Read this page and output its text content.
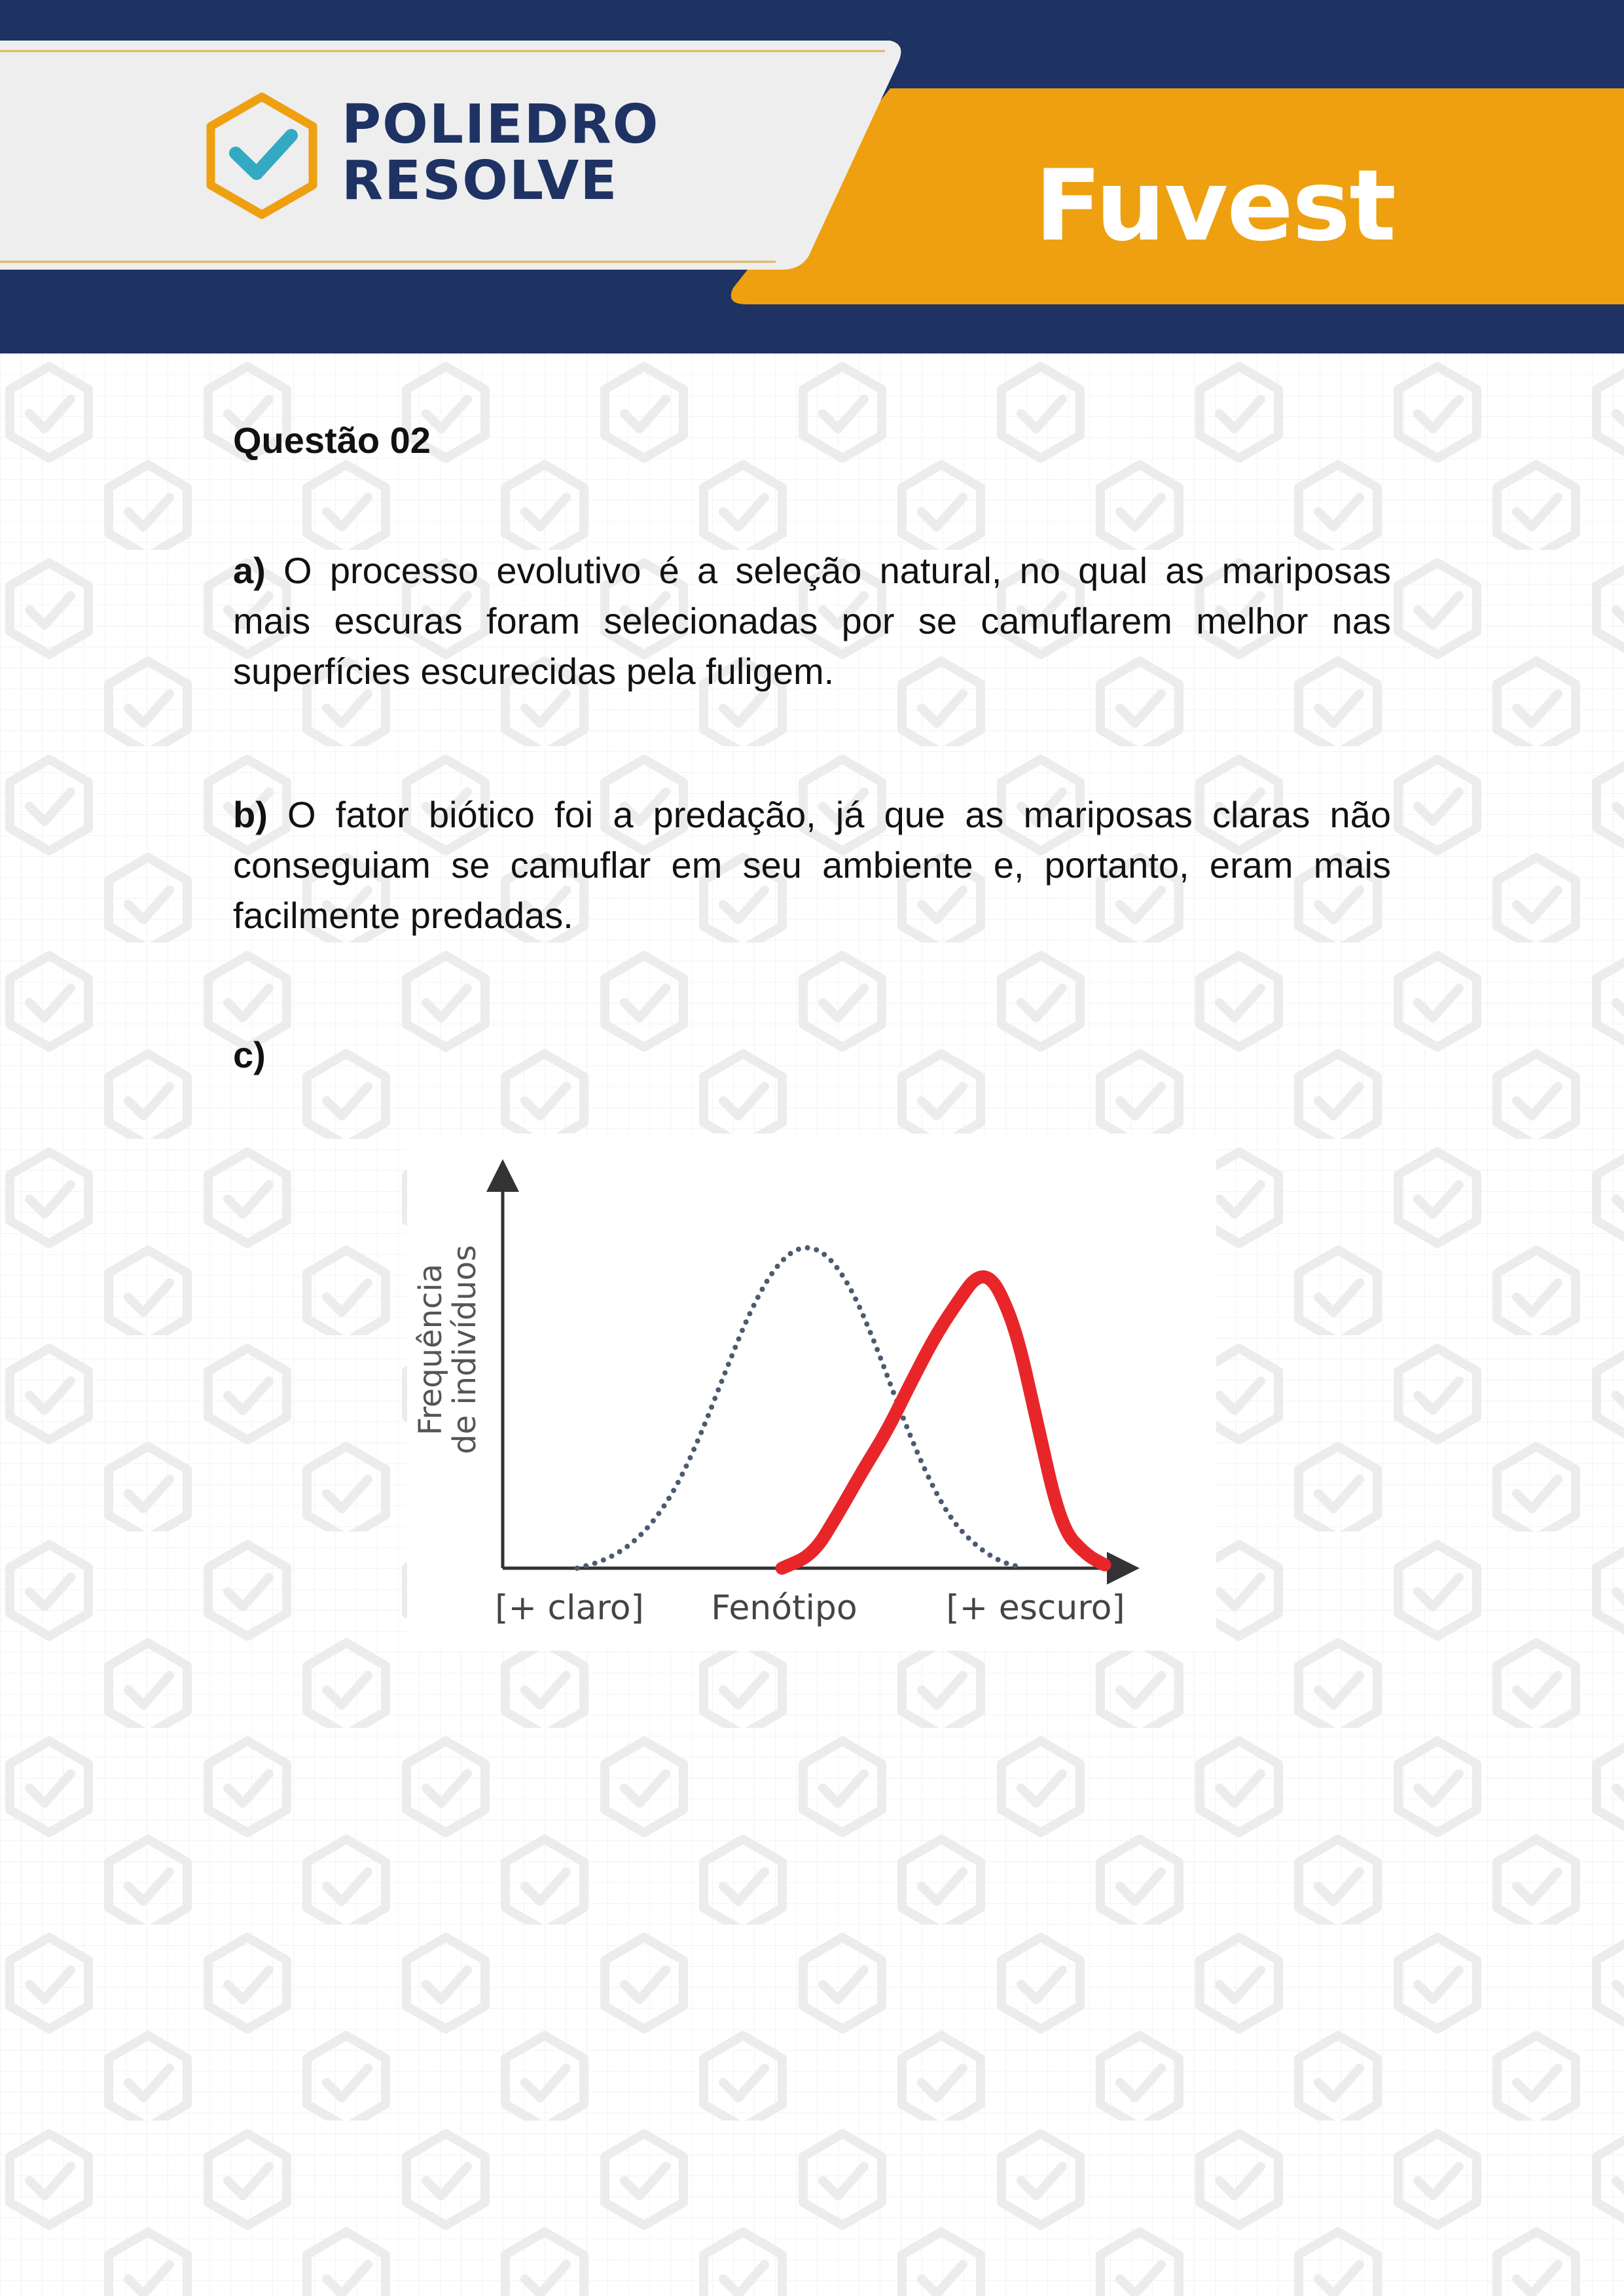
POLIEDRO
RESOLVE	Fuvest
Questão 02

a) O processo evolutivo é a seleção natural, no qual as mariposas mais escuras foram selecionadas por se camuflarem melhor nas superfícies escurecidas pela fuligem.

b) O fator biótico foi a predação, já que as mariposas claras não conseguiam se camuflar em seu ambiente e, portanto, eram mais facilmente predadas.

c)

Frequência
de indivíduos
[+ claro] Fenótipo	[+ escuro]
